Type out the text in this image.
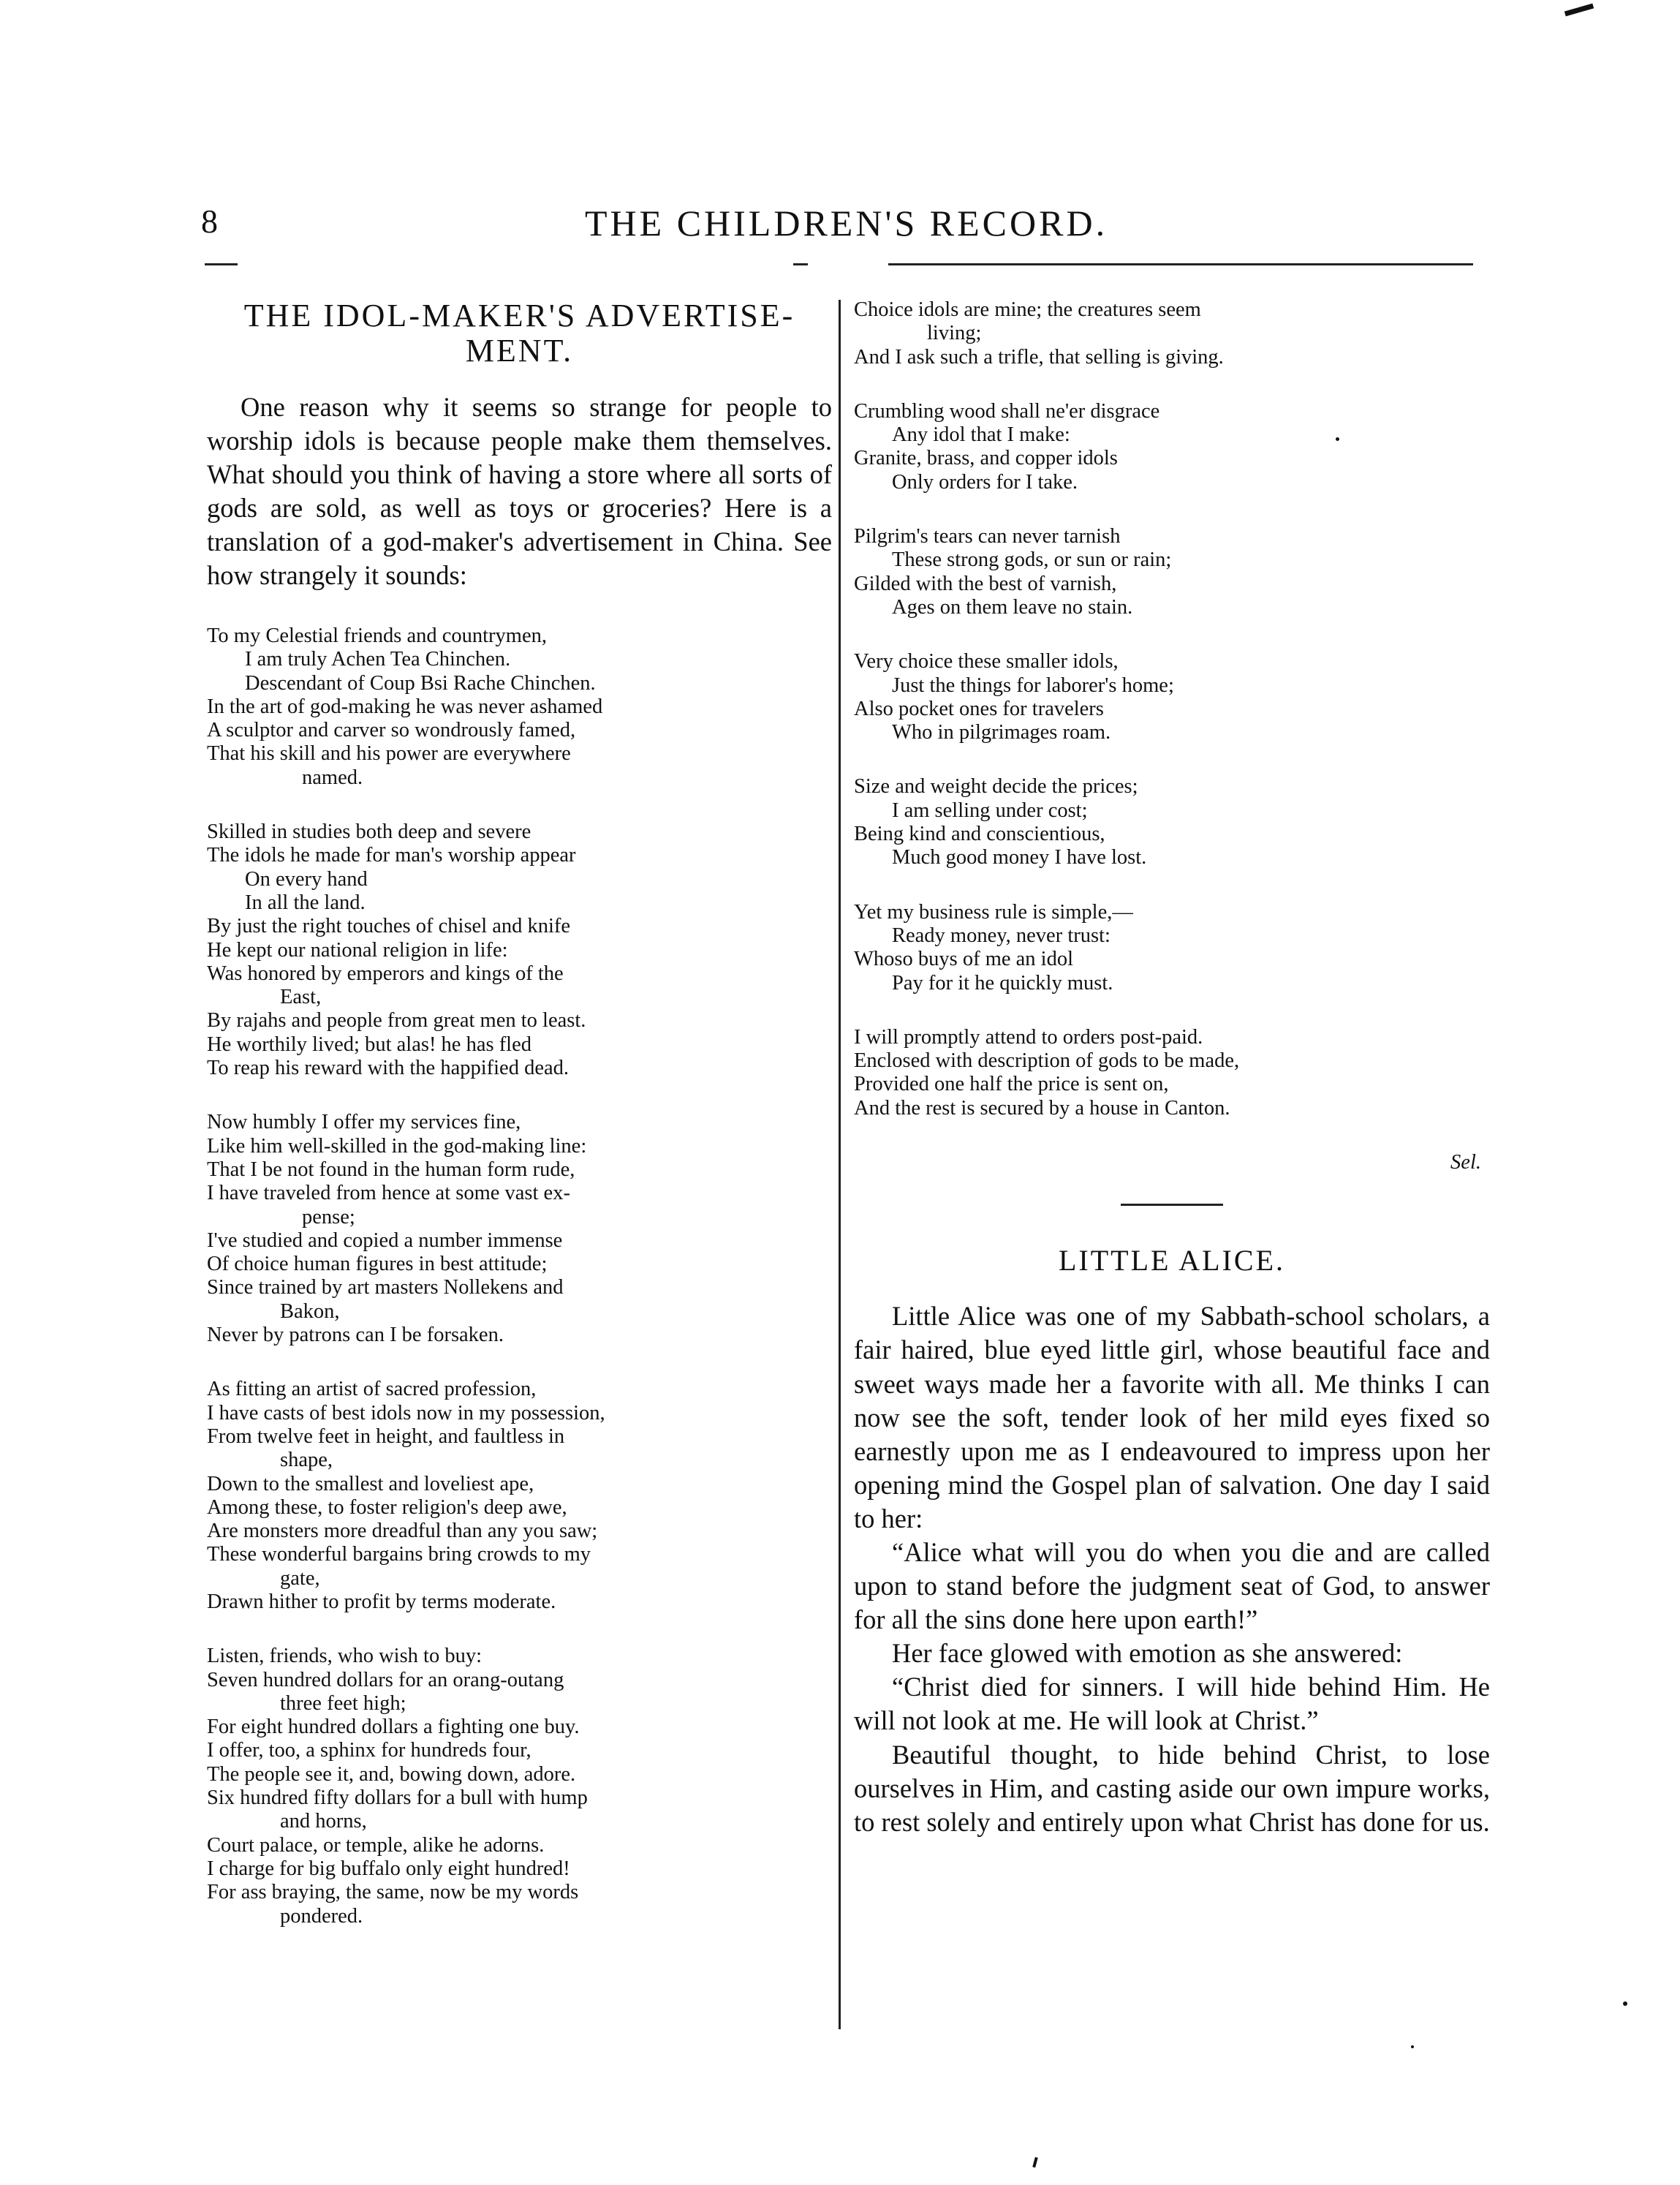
8	THE CHILDREN'S RECORD.
THE IDOL-MAKER'S ADVERTISE-
MENT.

One reason why it seems so strange for people to worship idols is because people make them themselves. What should you think of having a store where all sorts of gods are sold, as well as toys or groceries? Here is a translation of a god-maker's advertisement in China. See how strangely it sounds:

To my Celestial friends and countrymen,
I am truly Achen Tea Chinchen.
Descendant of Coup Bsi Rache Chinchen.
In the art of god-making he was never ashamed
A sculptor and carver so wondrously famed,
That his skill and his power are everywhere
named.
Skilled in studies both deep and severe
The idols he made for man's worship appear
On every hand
In all the land.
By just the right touches of chisel and knife
He kept our national religion in life:
Was honored by emperors and kings of the
East,
By rajahs and people from great men to least.
He worthily lived; but alas! he has fled
To reap his reward with the happified dead.
Now humbly I offer my services fine,
Like him well-skilled in the god-making line:
That I be not found in the human form rude,
I have traveled from hence at some vast ex-
pense;
I've studied and copied a number immense
Of choice human figures in best attitude;
Since trained by art masters Nollekens and
Bakon,
Never by patrons can I be forsaken.
As fitting an artist of sacred profession,
I have casts of best idols now in my possession,
From twelve feet in height, and faultless in
shape,
Down to the smallest and loveliest ape,
Among these, to foster religion's deep awe,
Are monsters more dreadful than any you saw;
These wonderful bargains bring crowds to my
gate,
Drawn hither to profit by terms moderate.
Listen, friends, who wish to buy:
Seven hundred dollars for an orang-outang
three feet high;
For eight hundred dollars a fighting one buy.
I offer, too, a sphinx for hundreds four,
The people see it, and, bowing down, adore.
Six hundred fifty dollars for a bull with hump
and horns,
Court palace, or temple, alike he adorns.
I charge for big buffalo only eight hundred!
For ass braying, the same, now be my words
pondered.
Choice idols are mine; the creatures seem
living;
And I ask such a trifle, that selling is giving.
Crumbling wood shall ne'er disgrace
Any idol that I make:
Granite, brass, and copper idols
Only orders for I take.
Pilgrim's tears can never tarnish
These strong gods, or sun or rain;
Gilded with the best of varnish,
Ages on them leave no stain.
Very choice these smaller idols,
Just the things for laborer's home;
Also pocket ones for travelers
Who in pilgrimages roam.
Size and weight decide the prices;
I am selling under cost;
Being kind and conscientious,
Much good money I have lost.
Yet my business rule is simple,—
Ready money, never trust:
Whoso buys of me an idol
Pay for it he quickly must.
I will promptly attend to orders post-paid.
Enclosed with description of gods to be made,
Provided one half the price is sent on,
And the rest is secured by a house in Canton.
Sel.
LITTLE ALICE.

Little Alice was one of my Sabbath-school scholars, a fair haired, blue eyed little girl, whose beautiful face and sweet ways made her a favorite with all. Me thinks I can now see the soft, tender look of her mild eyes fixed so earnestly upon me as I endeavoured to impress upon her opening mind the Gospel plan of salvation. One day I said to her:

“Alice what will you do when you die and are called upon to stand before the judgment seat of God, to answer for all the sins done here upon earth!”

Her face glowed with emotion as she answered:

“Christ died for sinners. I will hide behind Him. He will not look at me. He will look at Christ.”

Beautiful thought, to hide behind Christ, to lose ourselves in Him, and casting aside our own impure works, to rest solely and entirely upon what Christ has done for us.
